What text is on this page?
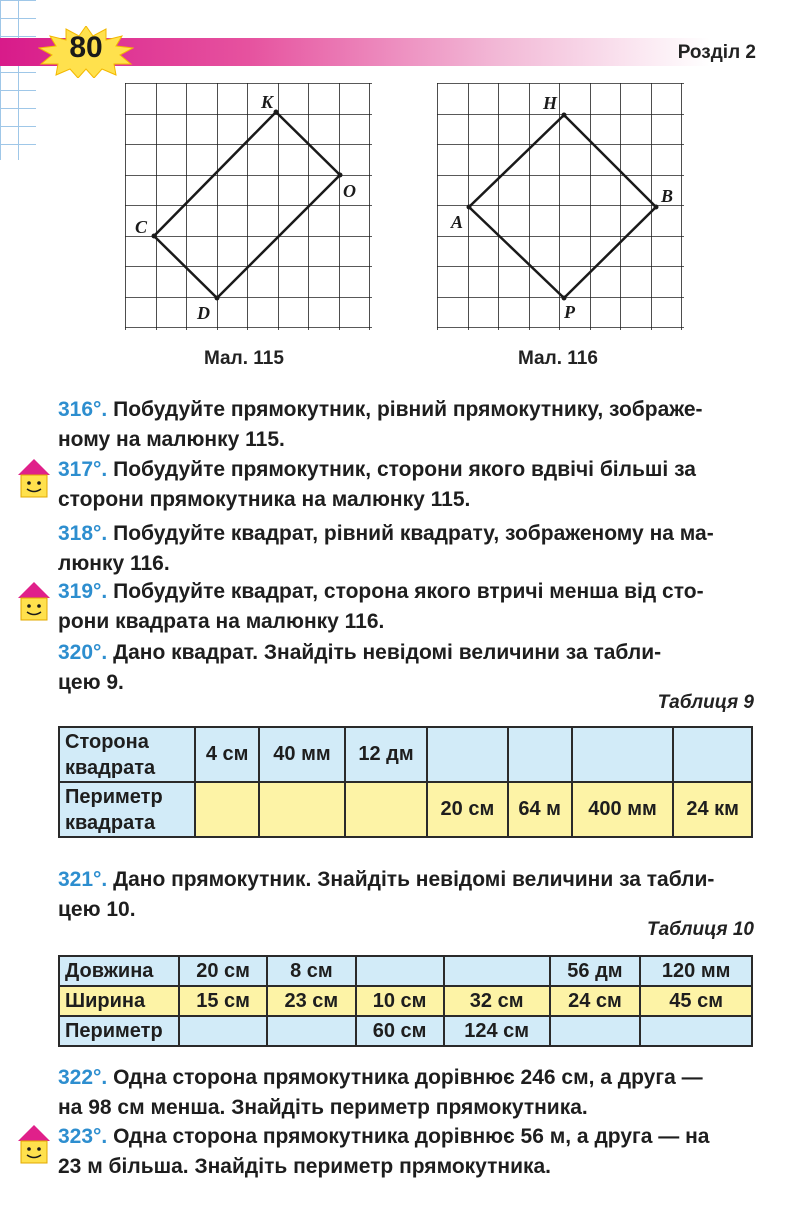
80	Розділ 2
K
O
C
D
Мал. 115
H
B
A
P
Мал. 116
316°. Побудуйте прямокутник, рівний прямокутнику, зображе-
ному на малюнку 115.
317°. Побудуйте прямокутник, сторони якого вдвічі більші за
сторони прямокутника на малюнку 115.
318°. Побудуйте квадрат, рівний квадрату, зображеному на ма-
люнку 116.
319°. Побудуйте квадрат, сторона якого втричі менша від сто-
рони квадрата на малюнку 116.
320°. Дано квадрат. Знайдіть невідомі величини за табли-
цею 9.
Таблиця 9
Сторона
квадрата	4 см	40 мм	12 дм				
Периметр
квадрата				20 см	64 м	400 мм	24 км
321°. Дано прямокутник. Знайдіть невідомі величини за табли-
цею 10.
Таблиця 10
Довжина	20 см	8 см			56 дм	120 мм
Ширина	15 см	23 см	10 см	32 см	24 см	45 см
Периметр			60 см	124 см		
322°. Одна сторона прямокутника дорівнює 246 см, а друга —
на 98 см менша. Знайдіть периметр прямокутника.
323°. Одна сторона прямокутника дорівнює 56 м, а друга — на
23 м більша. Знайдіть периметр прямокутника.
